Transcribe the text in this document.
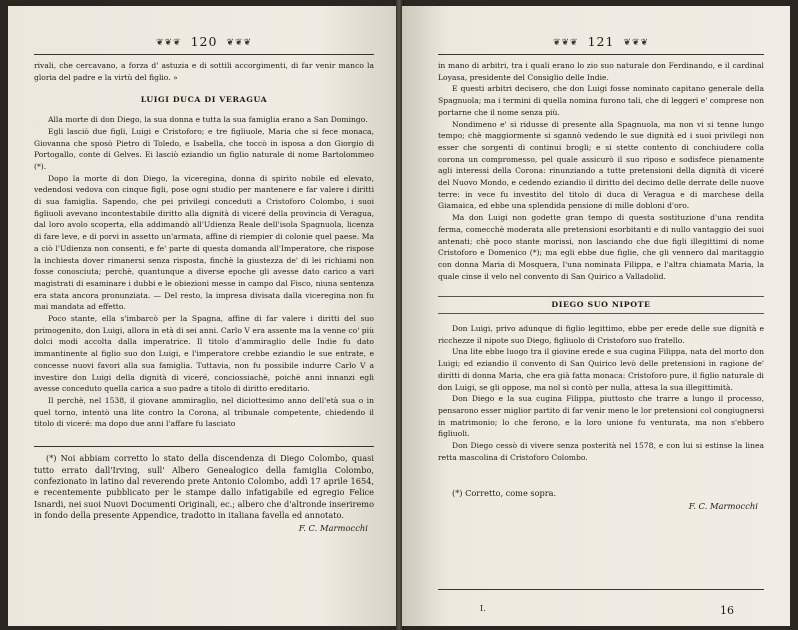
❦❦❦ 120 ❦❦❦

rivali, che cercavano, a forza d' astuzia e di sottili accorgimenti, di far venir manco la gloria del padre e la virtù del figlio. »

LUIGI DUCA DI VERAGUA

Alla morte di don Diego, la sua donna e tutta la sua famiglia erano a San Domingo.

Egli lasciò due figli, Luigi e Cristoforo; e tre figliuole, Maria che si fece monaca, Giovanna che sposò Pietro di Toledo, e Isabella, che toccò in isposa a don Giorgio di Portogallo, conte di Gelves. Ei lasciò eziandio un figlio naturale di nome Bartolommeo (*).

Dopo la morte di don Diego, la viceregina, donna di spirito nobile ed elevato, vedendosi vedova con cinque figli, pose ogni studio per mantenere e far valere i diritti di sua famiglia. Sapendo, che pei privilegi conceduti a Cristoforo Colombo, i suoi figliuoli avevano incontestabile diritto alla dignità di viceré della provincia di Veragua, dal loro avolo scoperta, ella addimandò all'Udienza Reale dell'isola Spagnuola, licenza di fare leve, e di porvi in assetto un'armata, affine di riempier di colonie quel paese. Ma a ciò l'Udienza non consenti, e fe' parte di questa domanda all'Imperatore, che rispose la inchiesta dover rimanersi senza risposta, finchè la giustezza de' di lei richiami non fosse conosciuta; perchè, quantunque a diverse epoche gli avesse dato carico a vari magistrati di esaminare i dubbi e le obiezioni messe in campo dal Fisco, niuna sentenza era stata ancora pronunziata. — Del resto, la impresa divisata dalla viceregina non fu mai mandata ad effetto.

Poco stante, ella s'imbarcò per la Spagna, affine di far valere i diritti del suo primogenito, don Luigi, allora in età di sei anni. Carlo V era assente ma la venne co' più dolci modi accolta dalla imperatrice. Il titolo d'ammiraglio delle Indie fu dato immantinente al figlio suo don Luigi, e l'imperatore crebbe eziandio le sue entrate, e concesse nuovi favori alla sua famiglia. Tuttavia, non fu possibile indurre Carlo V a investire don Luigi della dignità di viceré, conciossiachè, poichè anni innanzi egli avesse conceduto quella carica a suo padre a titolo di diritto ereditario.

Il perchè, nel 1538, il giovane ammiraglio, nel diciottesimo anno dell'età sua o in quel torno, intentò una lite contro la Corona, al tribunale competente, chiedendo il titolo di viceré: ma dopo due anni l'affare fu lasciato

(*) Noi abbiam corretto lo stato della discendenza di Diego Colombo, quasi tutto errato dall'Irving, sull' Albero Genealogico della famiglia Colombo, confezionato in latino dal reverendo prete Antonio Colombo, addì 17 aprile 1654, e recentemente pubblicato per le stampe dallo infatigabile ed egregio Felice Isnardi, nei suoi Nuovi Documenti Originali, ec.; albero che d'altronde inseriremo in fondo della presente Appendice, tradotto in italiana favella ed annotato.

F. C. Marmocchi
❦❦❦ 121 ❦❦❦

in mano di arbitri, tra i quali erano lo zio suo naturale don Ferdinando, e il cardinal Loyasa, presidente del Consiglio delle Indie.

E questi arbitri decisero, che don Luigi fosse nominato capitano generale della Spagnuola; ma i termini di quella nomina furono tali, che di leggeri e' comprese non portarne che il nome senza più.

Nondimeno e' si ridusse di presente alla Spagnuola, ma non vi si tenne lungo tempo; chè maggiormente si sgannò vedendo le sue dignità ed i suoi privilegi non esser che sorgenti di continui brogli; e si stette contento di conchiudere colla corona un compromesso, pel quale assicurò il suo riposo e sodisfece pienamente agli interessi della Corona: rinunziando a tutte pretensioni della dignità di viceré del Nuovo Mondo, e cedendo eziandio il diritto del decimo delle derrate delle nuove terre: in vece fu investito del titolo di duca di Veragua e di marchese della Giamaica, ed ebbe una splendida pensione di mille dobloni d'oro.

Ma don Luigi non godette gran tempo di questa sostituzione d'una rendita ferma, comecchè moderata alle pretensioni esorbitanti e di nullo vantaggio dei suoi antenati; chè poco stante morissi, non lasciando che due figli illegittimi di nome Cristoforo e Domenico (*); ma egli ebbe due figlie, che gli vennero dal maritaggio con donna Maria di Mosquera, l'una nominata Filippa, e l'altra chiamata Maria, la quale cinse il velo nel convento di San Quirico a Valladolid.

DIEGO SUO NIPOTE

Don Luigi, privo adunque di figlio legittimo, ebbe per erede delle sue dignità e ricchezze il nipote suo Diego, figliuolo di Cristoforo suo fratello.

Una lite ebbe luogo tra il giovine erede e sua cugina Filippa, nata del morto don Luigi; ed eziandio il convento di San Quirico levò delle pretensioni in ragione de' diritti di donna Maria, che era già fatta monaca: Cristoforo pure, il figlio naturale di don Luigi, se gli oppose, ma nol si contò per nulla, attesa la sua illegittimità.

Don Diego e la sua cugina Filippa, piuttosto che trarre a lungo il processo, pensarono esser miglior partito di far venir meno le lor pretensioni col congiugnersi in matrimonio; lo che ferono, e la loro unione fu venturata, ma non s'ebbero figliuoli.

Don Diego cessò di vivere senza posterità nel 1578, e con lui si estinse la linea retta mascolina di Cristoforo Colombo.

(*) Corretto, come sopra.

F. C. Marmocchi
I.	16
